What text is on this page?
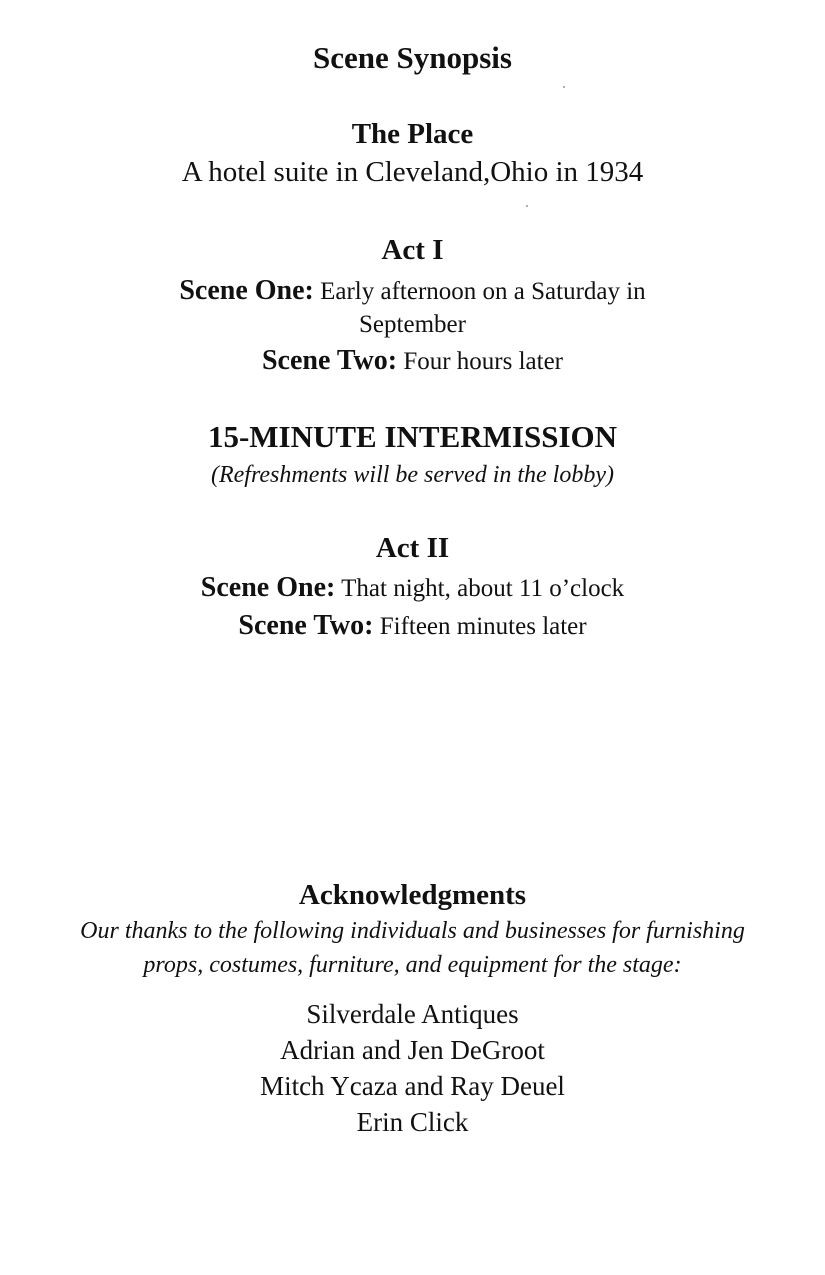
Scene Synopsis
The Place
A hotel suite in Cleveland,Ohio in 1934
Act I
Scene One: Early afternoon on a Saturday in
September
Scene Two: Four hours later
15-MINUTE INTERMISSION
(Refreshments will be served in the lobby)
Act II
Scene One: That night, about 11 o’clock
Scene Two: Fifteen minutes later
Acknowledgments
Our thanks to the following individuals and businesses for furnishing
props, costumes, furniture, and equipment for the stage:
Silverdale Antiques
Adrian and Jen DeGroot
Mitch Ycaza and Ray Deuel
Erin Click
